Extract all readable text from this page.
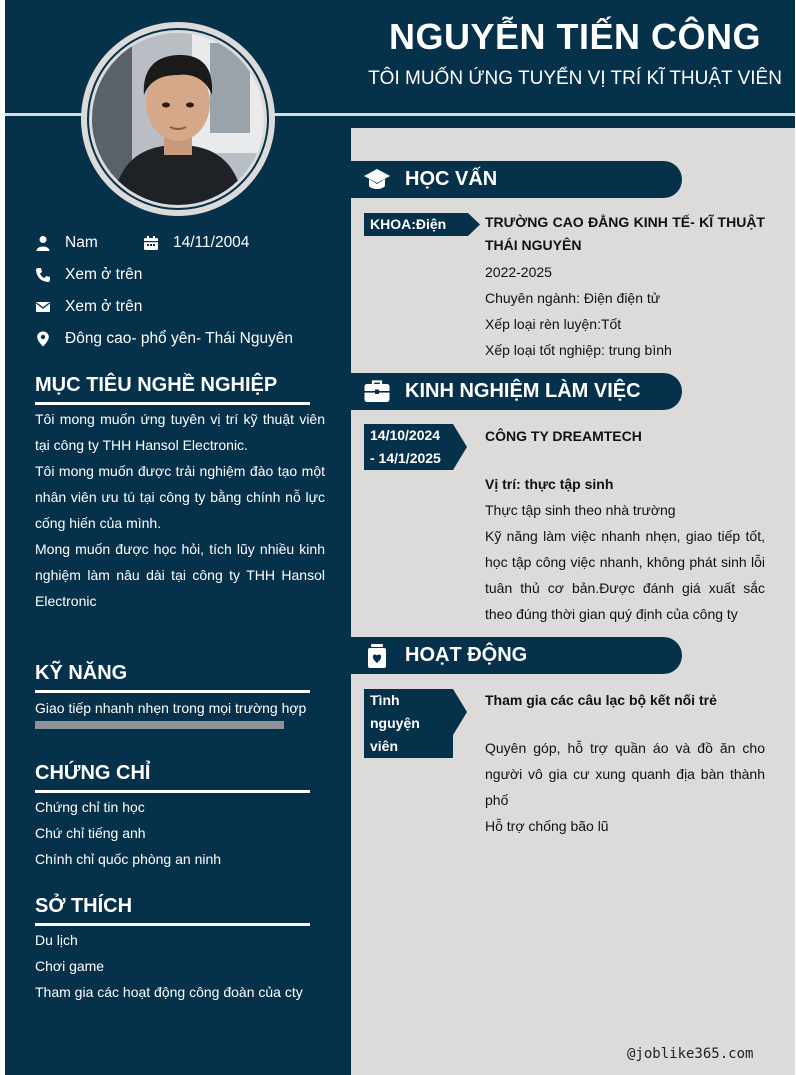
NGUYỄN TIẾN CÔNG
TÔI MUỐN ỨNG TUYỂN VỊ TRÍ KĨ THUẬT VIÊN
Nam	14/11/2004
Xem ở trên
Xem ở trên
Đông cao- phổ yên- Thái Nguyên
MỤC TIÊU NGHỀ NGHIỆP
Tôi mong muốn ứng tuyên vị trí kỹ thuật viên tại công ty THH Hansol Electronic.
Tôi mong muốn được trải nghiệm đào tạo một nhân viên ưu tú tại công ty bằng chính nỗ lực cống hiến của mình.
Mong muốn được học hỏi, tích lũy nhiều kinh nghiệm làm nâu dài tại công ty THH Hansol Electronic
KỸ NĂNG
Giao tiếp nhanh nhẹn trong mọi trường hợp
CHỨNG CHỈ
Chứng chỉ tin học
Chứ chỉ tiếng anh
Chính chỉ quốc phòng an ninh
SỞ THÍCH
Du lịch
Chơi game
Tham gia các hoạt động công đoàn của cty
HỌC VẤN
KHOA:Điện	TRƯỜNG CAO ĐẲNG KINH TẾ- KĨ THUẬT THÁI NGUYÊN
2022-2025
Chuyên ngành: Điện điện tử
Xếp loại rèn luyện:Tốt
Xếp loại tốt nghiệp: trung bình
KINH NGHIỆM LÀM VIỆC
14/10/2024
- 14/1/2025
CÔNG TY DREAMTECH
Vị trí: thực tập sinh
Thực tập sinh theo nhà trường
Kỹ năng làm việc nhanh nhẹn, giao tiếp tốt, học tập công việc nhanh, không phát sinh lỗi tuân thủ cơ bản.Được đánh giá xuất sắc theo đúng thời gian quý định của công ty
HOẠT ĐỘNG
Tình nguyện
viên
Tham gia các câu lạc bộ kết nối trẻ
Quyên góp, hỗ trợ quần áo và đồ ăn cho người vô gia cư xung quanh địa bàn thành phố
Hỗ trợ chống bão lũ
@joblike365.com
